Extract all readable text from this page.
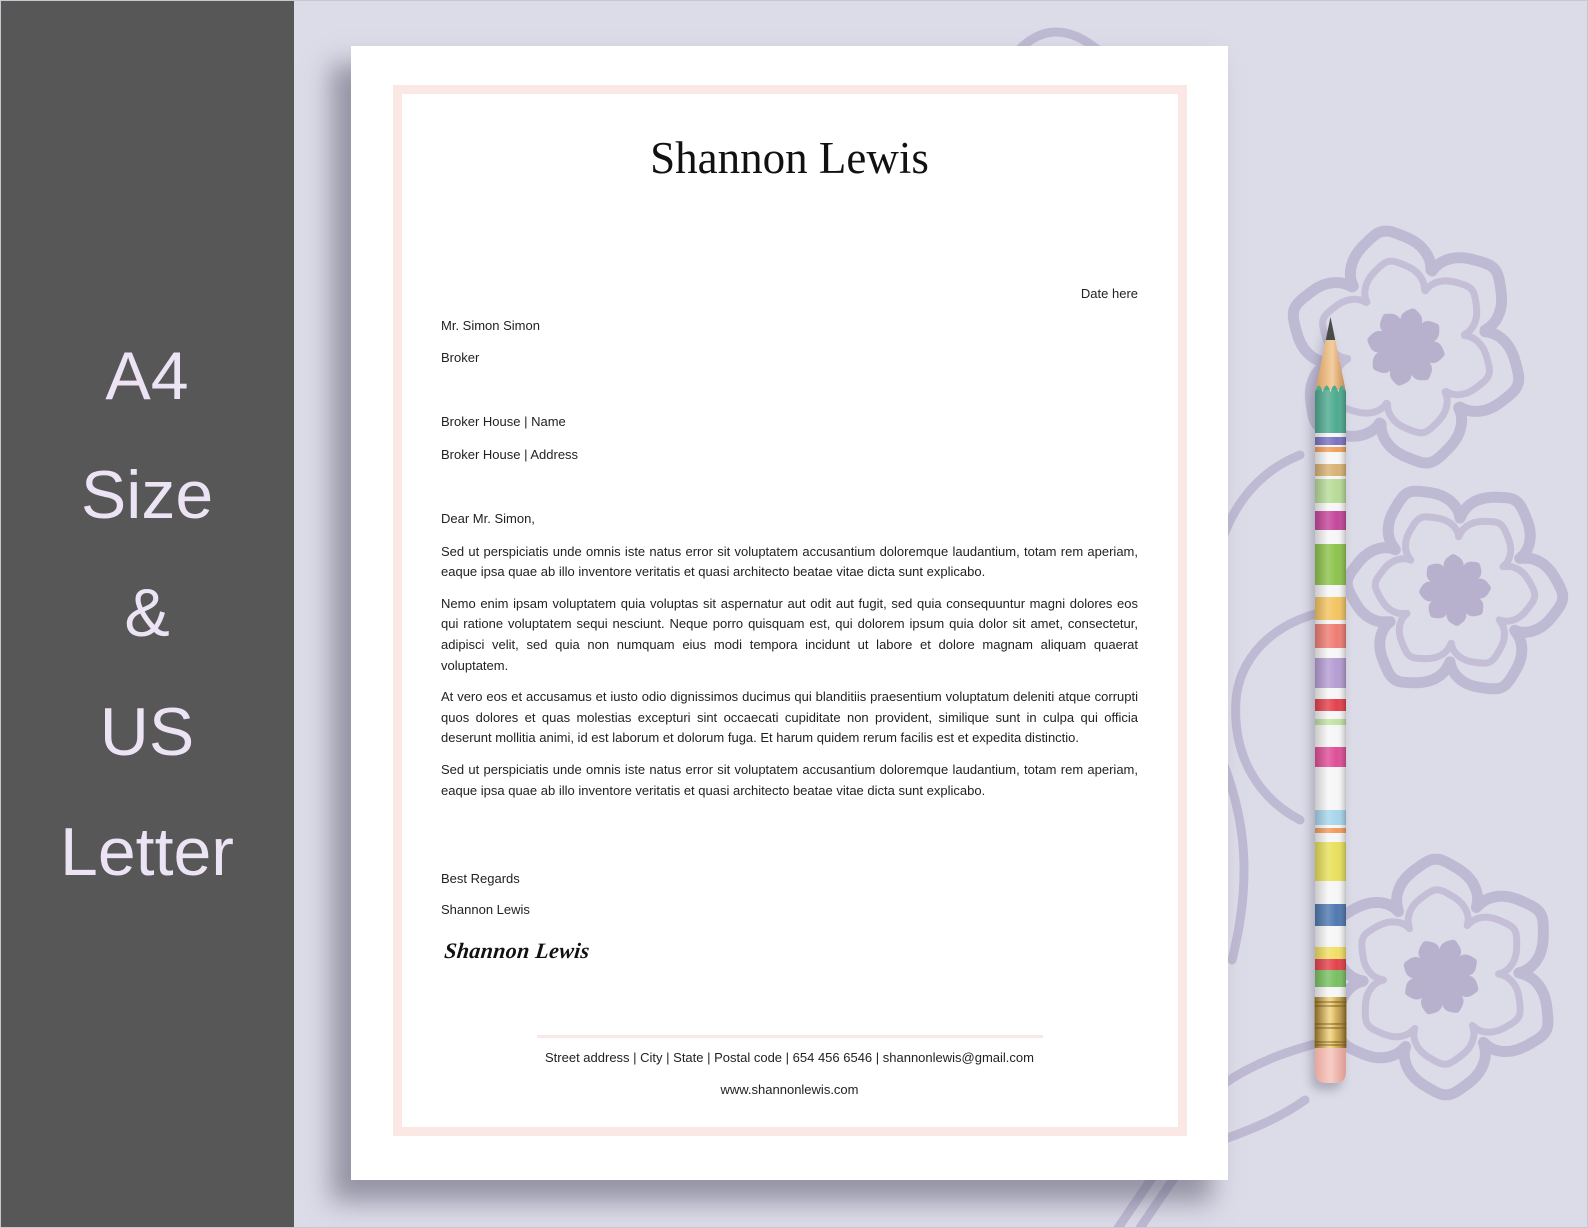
A4
Size
&
US
Letter
Shannon Lewis
Date here
Mr. Simon Simon
Broker
Broker House | Name
Broker House | Address
Dear Mr. Simon,

Sed ut perspiciatis unde omnis iste natus error sit voluptatem accusantium doloremque laudantium, totam rem aperiam, eaque ipsa quae ab illo inventore veritatis et quasi architecto beatae vitae dicta sunt explicabo.

Nemo enim ipsam voluptatem quia voluptas sit aspernatur aut odit aut fugit, sed quia consequuntur magni dolores eos qui ratione voluptatem sequi nesciunt. Neque porro quisquam est, qui dolorem ipsum quia dolor sit amet, consectetur, adipisci velit, sed quia non numquam eius modi tempora incidunt ut labore et dolore magnam aliquam quaerat voluptatem.

At vero eos et accusamus et iusto odio dignissimos ducimus qui blanditiis praesentium voluptatum deleniti atque corrupti quos dolores et quas molestias excepturi sint occaecati cupiditate non provident, similique sunt in culpa qui officia deserunt mollitia animi, id est laborum et dolorum fuga. Et harum quidem rerum facilis est et expedita distinctio.

Sed ut perspiciatis unde omnis iste natus error sit voluptatem accusantium doloremque laudantium, totam rem aperiam, eaque ipsa quae ab illo inventore veritatis et quasi architecto beatae vitae dicta sunt explicabo.

Best Regards
Shannon Lewis
Shannon Lewis
Street address | City | State | Postal code | 654 456 6546 | shannonlewis@gmail.com
www.shannonlewis.com
